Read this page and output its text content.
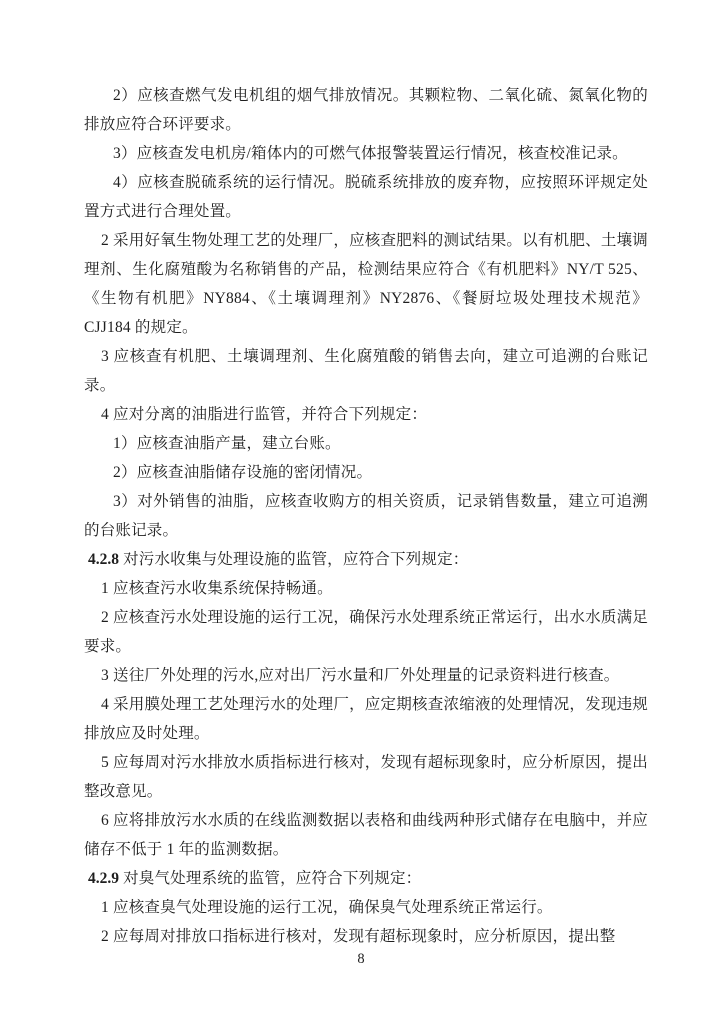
2）应核查燃气发电机组的烟气排放情况。其颗粒物、二氧化硫、氮氧化物的排放应符合环评要求。

3）应核查发电机房/箱体内的可燃气体报警装置运行情况，核查校准记录。

4）应核查脱硫系统的运行情况。脱硫系统排放的废弃物，应按照环评规定处置方式进行合理处置。

2 采用好氧生物处理工艺的处理厂，应核查肥料的测试结果。以有机肥、土壤调理剂、生化腐殖酸为名称销售的产品，检测结果应符合《有机肥料》NY/T 525、《生物有机肥》NY884、《土壤调理剂》NY2876、《餐厨垃圾处理技术规范》CJJ184 的规定。

3 应核查有机肥、土壤调理剂、生化腐殖酸的销售去向，建立可追溯的台账记录。

4 应对分离的油脂进行监管，并符合下列规定：

1）应核查油脂产量，建立台账。

2）应核查油脂储存设施的密闭情况。

3）对外销售的油脂，应核查收购方的相关资质，记录销售数量，建立可追溯的台账记录。

4.2.8 对污水收集与处理设施的监管，应符合下列规定：

1 应核查污水收集系统保持畅通。

2 应核查污水处理设施的运行工况，确保污水处理系统正常运行，出水水质满足要求。

3 送往厂外处理的污水,应对出厂污水量和厂外处理量的记录资料进行核查。

4 采用膜处理工艺处理污水的处理厂，应定期核查浓缩液的处理情况，发现违规排放应及时处理。

5 应每周对污水排放水质指标进行核对，发现有超标现象时，应分析原因，提出整改意见。

6 应将排放污水水质的在线监测数据以表格和曲线两种形式储存在电脑中，并应储存不低于 1 年的监测数据。

4.2.9 对臭气处理系统的监管，应符合下列规定：

1 应核查臭气处理设施的运行工况，确保臭气处理系统正常运行。

2 应每周对排放口指标进行核对，发现有超标现象时，应分析原因，提出整

8
